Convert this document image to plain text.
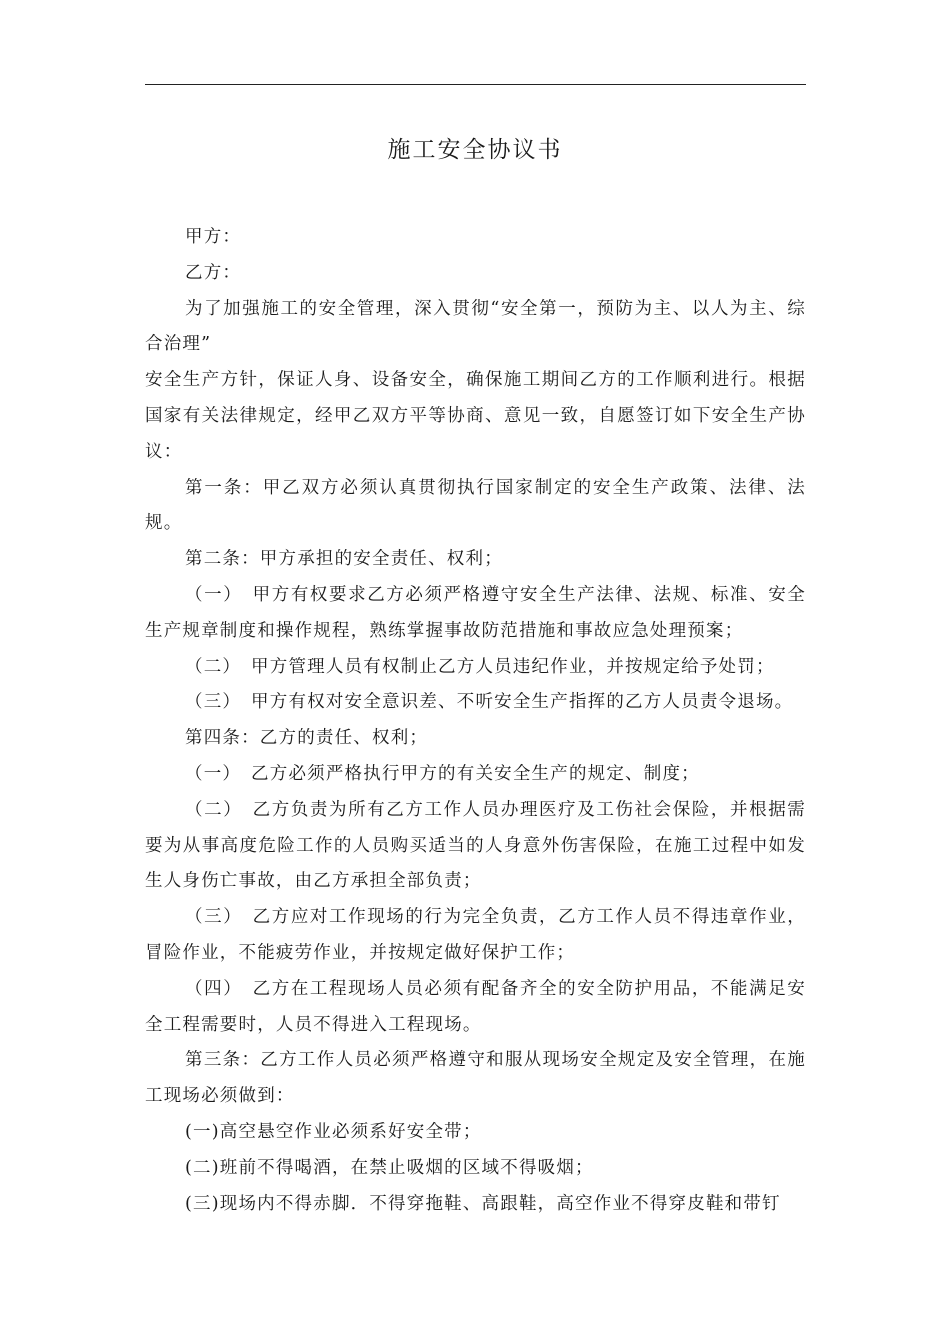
施工安全协议书

甲方：

乙方：

为了加强施工的安全管理，深入贯彻“安全第一，预防为主、以人为主、综合治理”

安全生产方针，保证人身、设备安全，确保施工期间乙方的工作顺利进行。根据国家有关法律规定，经甲乙双方平等协商、意见一致，自愿签订如下安全生产协议：

第一条：甲乙双方必须认真贯彻执行国家制定的安全生产政策、法律、法规。

第二条：甲方承担的安全责任、权利；

（一）　甲方有权要求乙方必须严格遵守安全生产法律、法规、标准、安全生产规章制度和操作规程，熟练掌握事故防范措施和事故应急处理预案；

（二）　甲方管理人员有权制止乙方人员违纪作业，并按规定给予处罚；

（三）　甲方有权对安全意识差、不听安全生产指挥的乙方人员责令退场。

第四条：乙方的责任、权利；

（一）　乙方必须严格执行甲方的有关安全生产的规定、制度；

（二）　乙方负责为所有乙方工作人员办理医疗及工伤社会保险，并根据需要为从事高度危险工作的人员购买适当的人身意外伤害保险，在施工过程中如发生人身伤亡事故，由乙方承担全部负责；

（三）　乙方应对工作现场的行为完全负责，乙方工作人员不得违章作业，冒险作业，不能疲劳作业，并按规定做好保护工作；

（四）　乙方在工程现场人员必须有配备齐全的安全防护用品，不能满足安全工程需要时，人员不得进入工程现场。

第三条：乙方工作人员必须严格遵守和服从现场安全规定及安全管理，在施工现场必须做到：

(一)高空悬空作业必须系好安全带；

(二)班前不得喝酒，在禁止吸烟的区域不得吸烟；

(三)现场内不得赤脚．不得穿拖鞋、高跟鞋，高空作业不得穿皮鞋和带钉
